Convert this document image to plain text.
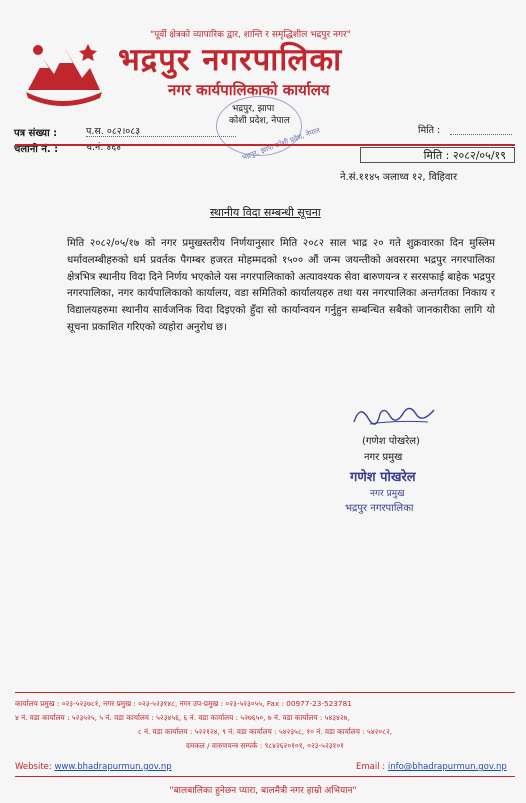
"पूर्वी क्षेत्रको व्यापारिक द्वार, शान्ति र समृद्धिशील भद्रपुर नगर"
भद्रपुर नगरपालिका
नगर कार्यपालिकाको कार्यालय
भद्रपुर, झापा
कोशी प्रदेश, नेपाल
भद्रपुर, झापा कोशी प्रदेश, नेपाल
पत्र संख्या :	प.स. ०८२।०८३
चलानी नं. :	च.नं. ४६४
मिति :
मिति : २०८२/०५/१९
ने.सं.११४५ ञलाथ्व १२, विहिवार
स्थानीय विदा सम्बन्धी सूचना

मिति २०८२/०५/१७ को नगर प्रमुखस्तरीय निर्णयानुसार मिति २०८२ साल भाद्र २० गते शुक्रवारका दिन मुस्लिम धर्मावलम्बीहरुको धर्म प्रवर्तक पैगम्बर हजरत मोहम्मदको १५०० औं जन्म जयन्तीको अवसरमा भद्रपुर नगरपालिका क्षेत्रभित्र स्थानीय विदा दिने निर्णय भएकोले यस नगरपालिकाको अत्यावश्यक सेवा बारुणयन्त्र र सरसफाई बाहेक भद्रपुर नगरपालिका, नगर कार्यपालिकाको कार्यालय, वडा समितिको कार्यालयहरु तथा यस नगरपालिका अन्तर्गतका निकाय र विद्यालयहरुमा स्थानीय सार्वजनिक विदा दिइएको हुँदा सो कार्यान्वयन गर्नुहुन सम्बन्धित सबैको जानकारीका लागि यो सूचना प्रकाशित गरिएको व्यहोरा अनुरोध छ।

(गणेश पोखरेल)
नगर प्रमुख
गणेश पोखरेल
नगर प्रमुख
भद्रपुर नगरपालिका
कार्यालय प्रमुख : ०२३-५२३७८१, नगर प्रमुख : ०२३-५२३१४८, नगर उप-प्रमुख : ०२३-५२३०५५, Fax : 00977-23-523781
४ नं. वडा कार्यालय : ५२३५२५, ५ नं. वडा कार्यालय : ५२३४५६, ६ नं. वडा कार्यालय : ५२७६५०, ७ नं. वडा कार्यालय : ५४३४२७,
८ नं. वडा कार्यालय : ५२२१२४, ९ नं. वडा कार्यालय : ५४२३५८, १० नं. वडा कार्यालय : ५४२०८२,
दमकल / वारुणयन्त्र सम्पर्क : ९८४२६२०१०१, ०२३-५२३१०१
Website: www.bhadrapurmun.gov.np	Email : info@bhadrapurmun.gov.np
"बालबालिका हुनेछन प्यारा, बालमैत्री नगर हाम्रो अभियान"
